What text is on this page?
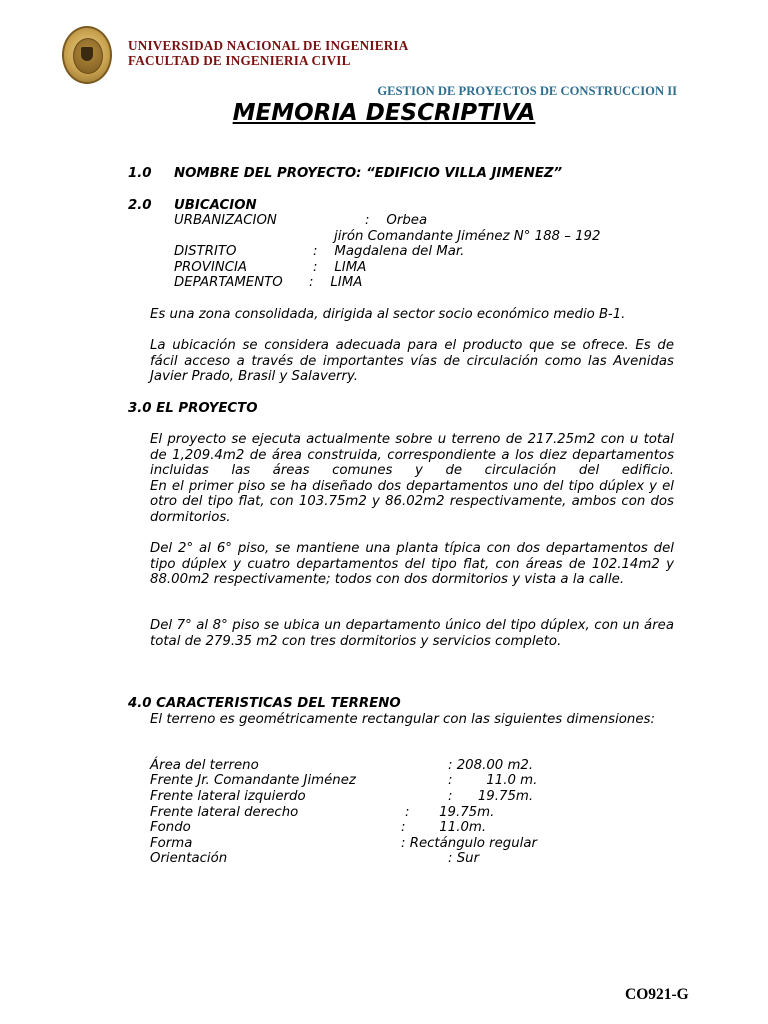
UNIVERSIDAD NACIONAL DE INGENIERIA
FACULTAD DE INGENIERIA CIVIL
GESTION DE PROYECTOS DE CONSTRUCCION II
MEMORIA DESCRIPTIVA
1.0 NOMBRE DEL PROYECTO: “EDIFICIO VILLA JIMENEZ”
2.0 UBICACION
URBANIZACION	:    Orbea
jirón Comandante Jiménez N° 188 – 192
DISTRITO	:    Magdalena del Mar.
PROVINCIA	:    LIMA
DEPARTAMENTO :    LIMA

Es una zona consolidada, dirigida al sector socio económico medio B-1.

La ubicación se considera adecuada para el producto que se ofrece. Es de fácil acceso a través de importantes vías de circulación como las Avenidas Javier Prado, Brasil y Salaverry.

3.0 EL PROYECTO

El proyecto se ejecuta actualmente sobre u terreno de 217.25m2 con u total de 1,209.4m2 de área construida, correspondiente a los diez departamentos incluidas las áreas comunes y de circulación del edificio.

En el primer piso se ha diseñado dos departamentos uno del tipo dúplex y el otro del tipo flat, con 103.75m2 y 86.02m2 respectivamente, ambos con dos dormitorios.

Del 2° al 6° piso, se mantiene una planta típica con dos departamentos del tipo dúplex y cuatro departamentos del tipo flat, con áreas de 102.14m2 y 88.00m2 respectivamente; todos con dos dormitorios y vista a la calle.

Del 7° al 8° piso se ubica un departamento único del tipo dúplex, con un área total de 279.35 m2 con tres dormitorios y servicios completo.

4.0 CARACTERISTICAS DEL TERRENO

El terreno es geométricamente rectangular con las siguientes dimensiones:

Área del terreno	: 208.00 m2.
Frente Jr. Comandante Jiménez	:        11.0 m.
Frente lateral izquierdo	:      19.75m.
Frente lateral derecho	:       19.75m.
Fondo	:        11.0m.
Forma	: Rectángulo regular
Orientación	: Sur
CO921-G
